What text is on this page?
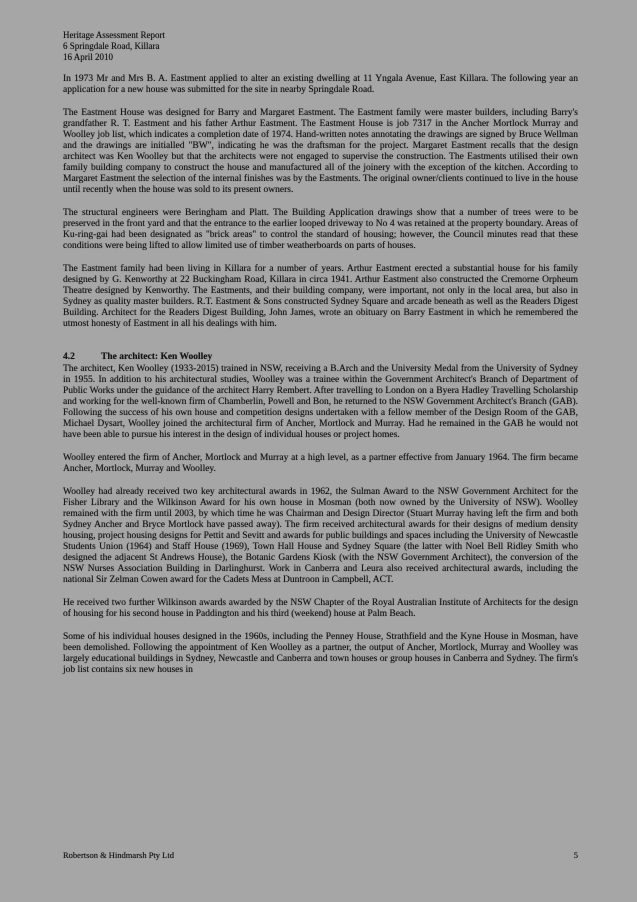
Heritage Assessment Report
6 Springdale Road, Killara
16 April 2010

In 1973 Mr and Mrs B. A. Eastment applied to alter an existing dwelling at 11 Yngala Avenue, East Killara. The following year an application for a new house was submitted for the site in nearby Springdale Road.

The Eastment House was designed for Barry and Margaret Eastment. The Eastment family were master builders, including Barry's grandfather R. T. Eastment and his father Arthur Eastment. The Eastment House is job 7317 in the Ancher Mortlock Murray and Woolley job list, which indicates a completion date of 1974. Hand-written notes annotating the drawings are signed by Bruce Wellman and the drawings are initialled "BW", indicating he was the draftsman for the project. Margaret Eastment recalls that the design architect was Ken Woolley but that the architects were not engaged to supervise the construction. The Eastments utilised their own family building company to construct the house and manufactured all of the joinery with the exception of the kitchen. According to Margaret Eastment the selection of the internal finishes was by the Eastments. The original owner/clients continued to live in the house until recently when the house was sold to its present owners.

The structural engineers were Beringham and Platt. The Building Application drawings show that a number of trees were to be preserved in the front yard and that the entrance to the earlier looped driveway to No 4 was retained at the property boundary. Areas of Ku-ring-gai had been designated as "brick areas" to control the standard of housing; however, the Council minutes read that these conditions were being lifted to allow limited use of timber weatherboards on parts of houses.

The Eastment family had been living in Killara for a number of years. Arthur Eastment erected a substantial house for his family designed by G. Kenworthy at 22 Buckingham Road, Killara in circa 1941. Arthur Eastment also constructed the Cremorne Orpheum Theatre designed by Kenworthy. The Eastments, and their building company, were important, not only in the local area, but also in Sydney as quality master builders. R.T. Eastment & Sons constructed Sydney Square and arcade beneath as well as the Readers Digest Building. Architect for the Readers Digest Building, John James, wrote an obituary on Barry Eastment in which he remembered the utmost honesty of Eastment in all his dealings with him.

4.2	The architect: Ken Woolley

The architect, Ken Woolley (1933-2015) trained in NSW, receiving a B.Arch and the University Medal from the University of Sydney in 1955. In addition to his architectural studies, Woolley was a trainee within the Government Architect's Branch of Department of Public Works under the guidance of the architect Harry Rembert. After travelling to London on a Byera Hadley Travelling Scholarship and working for the well-known firm of Chamberlin, Powell and Bon, he returned to the NSW Government Architect's Branch (GAB). Following the success of his own house and competition designs undertaken with a fellow member of the Design Room of the GAB, Michael Dysart, Woolley joined the architectural firm of Ancher, Mortlock and Murray. Had he remained in the GAB he would not have been able to pursue his interest in the design of individual houses or project homes.

Woolley entered the firm of Ancher, Mortlock and Murray at a high level, as a partner effective from January 1964. The firm became Ancher, Mortlock, Murray and Woolley.

Woolley had already received two key architectural awards in 1962, the Sulman Award to the NSW Government Architect for the Fisher Library and the Wilkinson Award for his own house in Mosman (both now owned by the University of NSW). Woolley remained with the firm until 2003, by which time he was Chairman and Design Director (Stuart Murray having left the firm and both Sydney Ancher and Bryce Mortlock have passed away). The firm received architectural awards for their designs of medium density housing, project housing designs for Pettit and Sevitt and awards for public buildings and spaces including the University of Newcastle Students Union (1964) and Staff House (1969), Town Hall House and Sydney Square (the latter with Noel Bell Ridley Smith who designed the adjacent St Andrews House), the Botanic Gardens Kiosk (with the NSW Government Architect), the conversion of the NSW Nurses Association Building in Darlinghurst. Work in Canberra and Leura also received architectural awards, including the national Sir Zelman Cowen award for the Cadets Mess at Duntroon in Campbell, ACT.

He received two further Wilkinson awards awarded by the NSW Chapter of the Royal Australian Institute of Architects for the design of housing for his second house in Paddington and his third (weekend) house at Palm Beach.

Some of his individual houses designed in the 1960s, including the Penney House, Strathfield and the Kyne House in Mosman, have been demolished. Following the appointment of Ken Woolley as a partner, the output of Ancher, Mortlock, Murray and Woolley was largely educational buildings in Sydney, Newcastle and Canberra and town houses or group houses in Canberra and Sydney. The firm's job list contains six new houses in

Robertson & Hindmarsh Pty Ltd	5
